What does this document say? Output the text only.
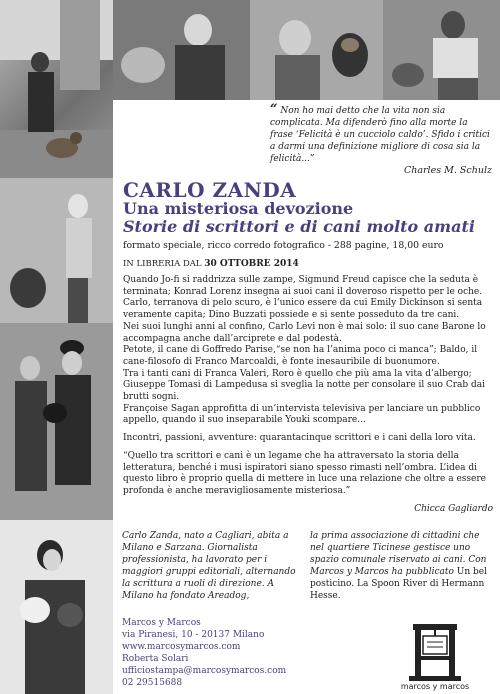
“ Non ho mai detto che la vita non sia complicata. Ma difenderò fino alla morte la frase ‘Felicità è un cucciolo caldo’. Sfido i critici a darmi una definizione migliore di cosa sia la felicità...”
Charles M. Schulz
CARLO ZANDA
Una misteriosa devozione
Storie di scrittori e di cani molto amati
formato speciale, ricco corredo fotografico - 288 pagine, 18,00 euro
IN LIBRERIA DAL 30 OTTOBRE 2014

Quando Jo-fi si raddrizza sulle zampe, Sigmund Freud capisce che la seduta è terminata; Konrad Lorenz insegna ai suoi cani il doveroso rispetto per le oche.

Carlo, terranova di pelo scuro, è l’unico essere da cui Emily Dickinson si senta veramente capita; Dino Buzzati possiede e si sente posseduto da tre cani.

Nei suoi lunghi anni al confino, Carlo Levi non è mai solo: il suo cane Barone lo accompagna anche dall’arciprete e dal podestà.

Petote, il cane di Goffredo Parise,“se non ha l’anima poco ci manca”; Baldo, il cane-filosofo di Franco Marcoaldi, è fonte inesauribile di buonumore.

Tra i tanti cani di Franca Valeri, Roro è quello che più ama la vita d’albergo; Giuseppe Tomasi di Lampedusa si sveglia la notte per consolare il suo Crab dai brutti sogni.

Françoise Sagan approfitta di un’intervista televisiva per lanciare un pubblico appello, quando il suo inseparabile Youki scompare...

Incontri, passioni, avventure: quarantacinque scrittori e i cani della loro vita.

“Quello tra scrittori e cani è un legame che ha attraversato la storia della letteratura, benché i musi ispiratori siano spesso rimasti nell’ombra. L’idea di questo libro è proprio quella di mettere in luce una relazione che oltre a essere profonda è anche meravigliosamente misteriosa.”

Chicca Gagliardo

Carlo Zanda, nato a Cagliari, abita a Milano e Sarzana. Giornalista professionista, ha lavorato per i maggiori gruppi editoriali, alternando la scrittura a ruoli di direzione. A Milano ha fondato Areadog,
la prima associazione di cittadini che nel quartiere Ticinese gestisce uno spazio comunale riservato ai cani. Con Marcos y Marcos ha pubblicato Un bel posticino. La Spoon River di Hermann Hesse.
Marcos y Marcos
via Piranesi, 10 - 20137 Milano
www.marcosymarcos.com
Roberta Solari
ufficiostampa@marcosymarcos.com
02 29515688	marcos y marcos
